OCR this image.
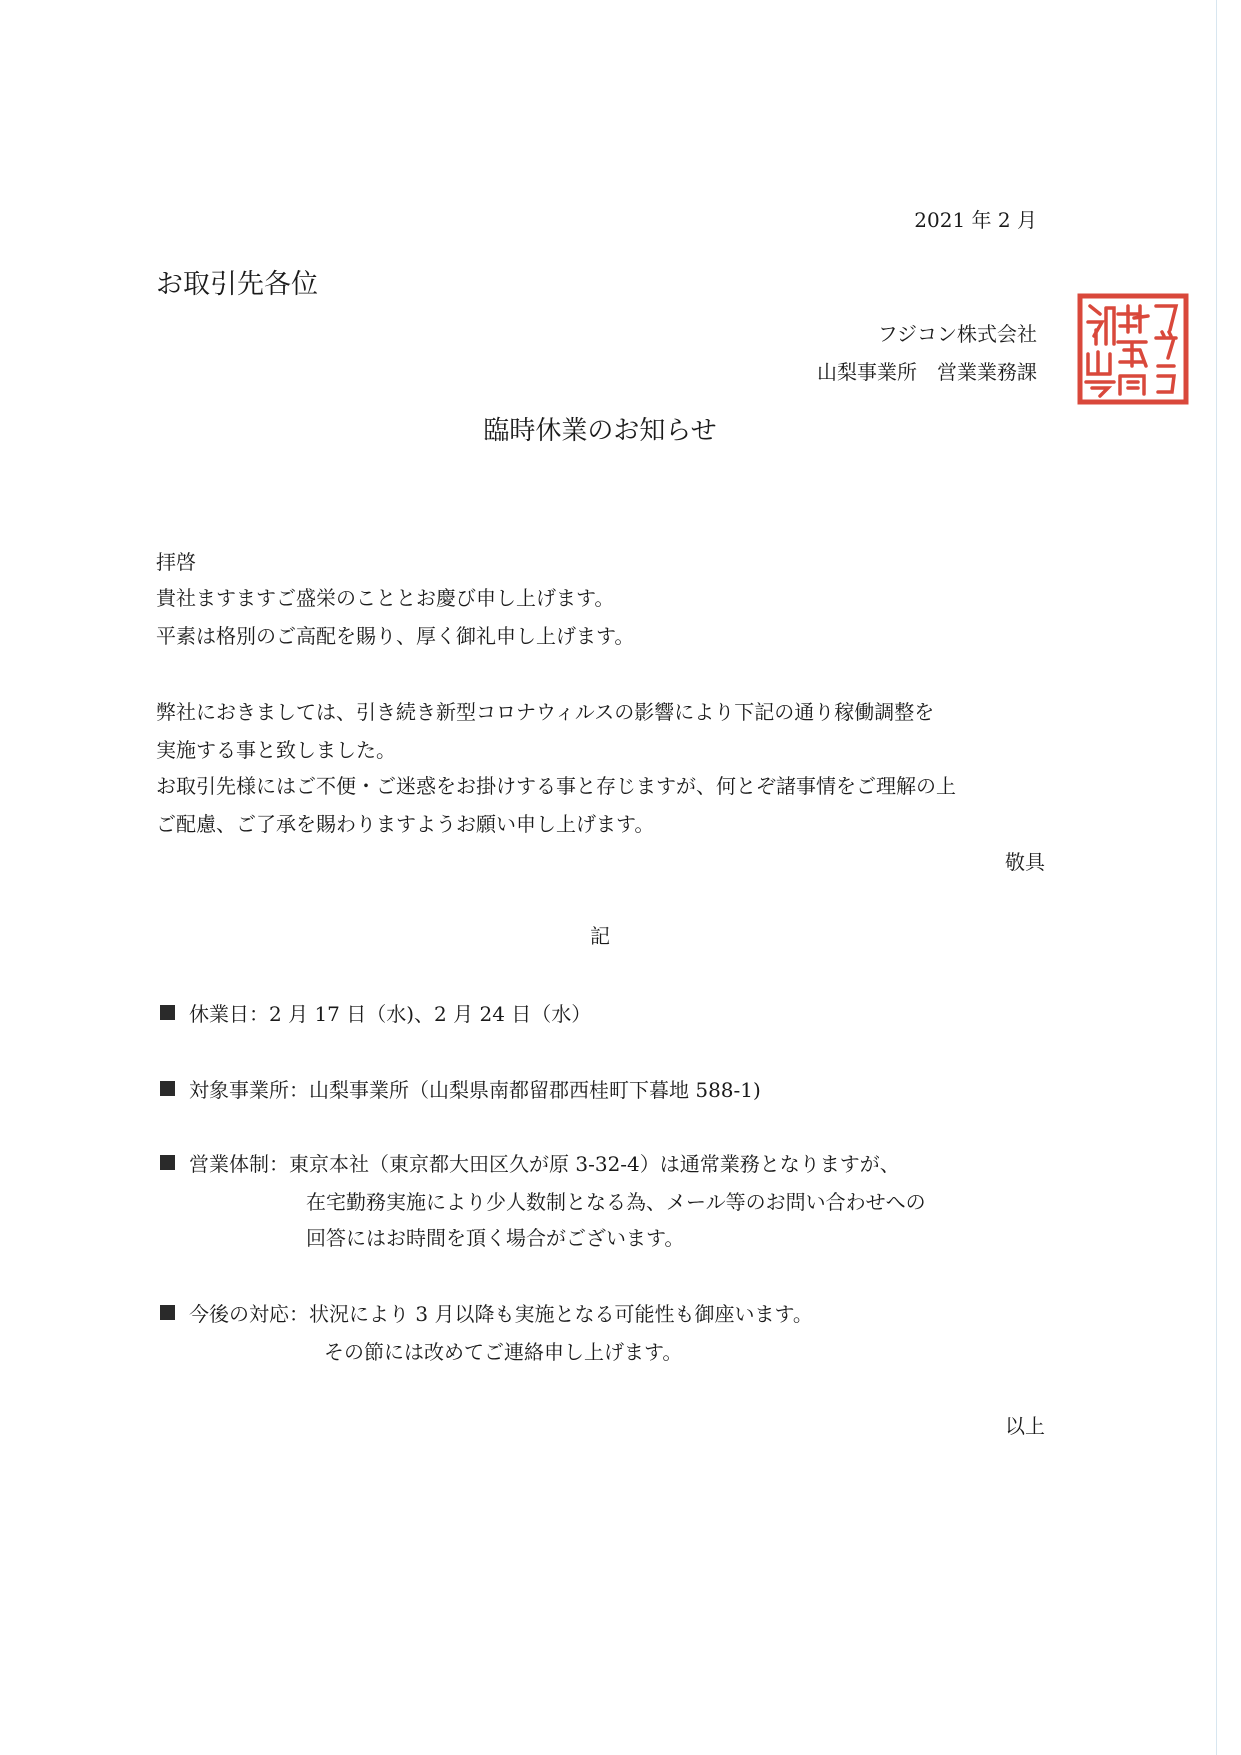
2021 年 2 月
お取引先各位
フジコン株式会社
山梨事業所　営業業務課
臨時休業のお知らせ
拝啓
貴社ますますご盛栄のこととお慶び申し上げます。
平素は格別のご高配を賜り、厚く御礼申し上げます。
弊社におきましては、引き続き新型コロナウィルスの影響により下記の通り稼働調整を
実施する事と致しました。
お取引先様にはご不便・ご迷惑をお掛けする事と存じますが、何とぞ諸事情をご理解の上
ご配慮、ご了承を賜わりますようお願い申し上げます。
敬具
記
休業日：2 月 17 日（水)、2 月 24 日（水）
対象事業所：山梨事業所（山梨県南都留郡西桂町下暮地 588-1)
営業体制：東京本社（東京都大田区久が原 3-32-4）は通常業務となりますが、
在宅勤務実施により少人数制となる為、メール等のお問い合わせへの
回答にはお時間を頂く場合がございます。
今後の対応：状況により 3 月以降も実施となる可能性も御座います。
その節には改めてご連絡申し上げます。
以上
